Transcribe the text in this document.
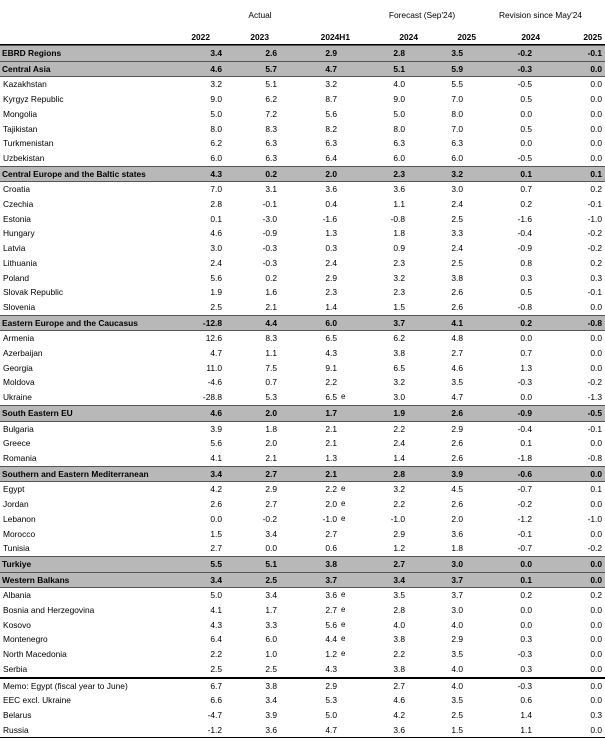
Actual	Forecast (Sep'24)	Revision since May'24
2022	2023	2024H1	2024	2025	2024	2025
EBRD Regions	3.4	2.6	2.9		2.8	3.5	-0.2	-0.1
Central Asia	4.6	5.7	4.7		5.1	5.9	-0.3	0.0
Kazakhstan	3.2	5.1	3.2		4.0	5.5	-0.5	0.0
Kyrgyz Republic	9.0	6.2	8.7		9.0	7.0	0.5	0.0
Mongolia	5.0	7.2	5.6		5.0	8.0	0.0	0.0
Tajikistan	8.0	8.3	8.2		8.0	7.0	0.5	0.0
Turkmenistan	6.2	6.3	6.3		6.3	6.3	0.0	0.0
Uzbekistan	6.0	6.3	6.4		6.0	6.0	-0.5	0.0
Central Europe and the Baltic states	4.3	0.2	2.0		2.3	3.2	0.1	0.1
Croatia	7.0	3.1	3.6		3.6	3.0	0.7	0.2
Czechia	2.8	-0.1	0.4		1.1	2.4	0.2	-0.1
Estonia	0.1	-3.0	-1.6		-0.8	2.5	-1.6	-1.0
Hungary	4.6	-0.9	1.3		1.8	3.3	-0.4	-0.2
Latvia	3.0	-0.3	0.3		0.9	2.4	-0.9	-0.2
Lithuania	2.4	-0.3	2.4		2.3	2.5	0.8	0.2
Poland	5.6	0.2	2.9		3.2	3.8	0.3	0.3
Slovak Republic	1.9	1.6	2.3		2.3	2.6	0.5	-0.1
Slovenia	2.5	2.1	1.4		1.5	2.6	-0.8	0.0
Eastern Europe and the Caucasus	-12.8	4.4	6.0		3.7	4.1	0.2	-0.8
Armenia	12.6	8.3	6.5		6.2	4.8	0.0	0.0
Azerbaijan	4.7	1.1	4.3		3.8	2.7	0.7	0.0
Georgia	11.0	7.5	9.1		6.5	4.6	1.3	0.0
Moldova	-4.6	0.7	2.2		3.2	3.5	-0.3	-0.2
Ukraine	-28.8	5.3	6.5	e	3.0	4.7	0.0	-1.3
South Eastern EU	4.6	2.0	1.7		1.9	2.6	-0.9	-0.5
Bulgaria	3.9	1.8	2.1		2.2	2.9	-0.4	-0.1
Greece	5.6	2.0	2.1		2.4	2.6	0.1	0.0
Romania	4.1	2.1	1.3		1.4	2.6	-1.8	-0.8
Southern and Eastern Mediterranean	3.4	2.7	2.1		2.8	3.9	-0.6	0.0
Egypt	4.2	2.9	2.2	e	3.2	4.5	-0.7	0.1
Jordan	2.6	2.7	2.0	e	2.2	2.6	-0.2	0.0
Lebanon	0.0	-0.2	-1.0	e	-1.0	2.0	-1.2	-1.0
Morocco	1.5	3.4	2.7		2.9	3.6	-0.1	0.0
Tunisia	2.7	0.0	0.6		1.2	1.8	-0.7	-0.2
Turkiye	5.5	5.1	3.8		2.7	3.0	0.0	0.0
Western Balkans	3.4	2.5	3.7		3.4	3.7	0.1	0.0
Albania	5.0	3.4	3.6	e	3.5	3.7	0.2	0.2
Bosnia and Herzegovina	4.1	1.7	2.7	e	2.8	3.0	0.0	0.0
Kosovo	4.3	3.3	5.6	e	4.0	4.0	0.0	0.0
Montenegro	6.4	6.0	4.4	e	3.8	2.9	0.3	0.0
North Macedonia	2.2	1.0	1.2	e	2.2	3.5	-0.3	0.0
Serbia	2.5	2.5	4.3		3.8	4.0	0.3	0.0
Memo: Egypt (fiscal year to June)	6.7	3.8	2.9		2.7	4.0	-0.3	0.0
EEC excl. Ukraine	6.6	3.4	5.3		4.6	3.5	0.6	0.0
Belarus	-4.7	3.9	5.0		4.2	2.5	1.4	0.3
Russia	-1.2	3.6	4.7		3.6	1.5	1.1	0.0
